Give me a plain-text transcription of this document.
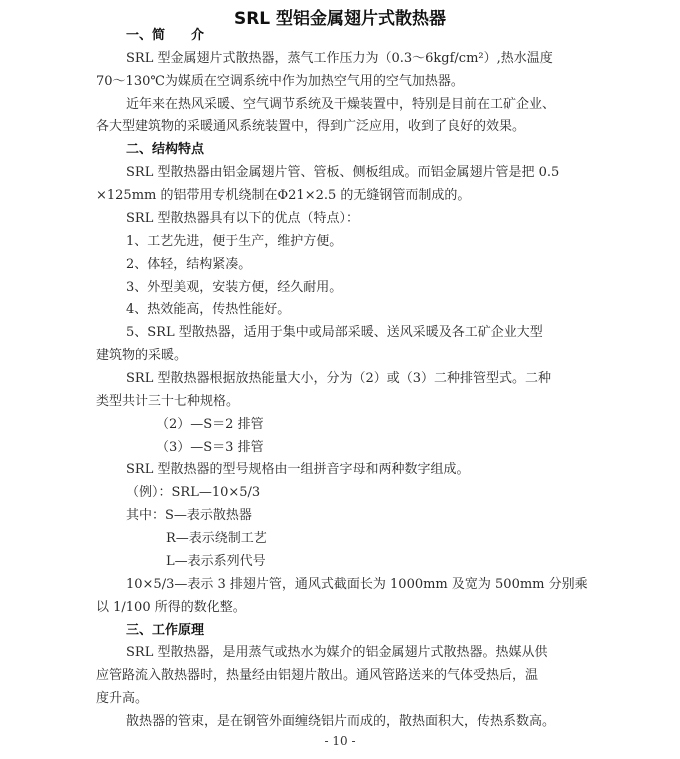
SRL 型铝金属翅片式散热器
一、简　　介
SRL 型金属翅片式散热器，蒸气工作压力为（0.3～6kgf/cm²）,热水温度
70～130℃为媒质在空调系统中作为加热空气用的空气加热器。
近年来在热风采暖、空气调节系统及干燥装置中，特别是目前在工矿企业、
各大型建筑物的采暖通风系统装置中，得到广泛应用，收到了良好的效果。
二、结构特点
SRL 型散热器由铝金属翅片管、管板、侧板组成。而铝金属翅片管是把 0.5
×125mm 的铝带用专机绕制在Φ21×2.5 的无缝钢管而制成的。
SRL 型散热器具有以下的优点（特点）：
1、工艺先进，便于生产，维护方便。
2、体轻，结构紧凑。
3、外型美观，安装方便，经久耐用。
4、热效能高，传热性能好。
5、SRL 型散热器，适用于集中或局部采暖、送风采暖及各工矿企业大型
建筑物的采暖。
SRL 型散热器根据放热能量大小，分为（2）或（3）二种排管型式。二种
类型共计三十七种规格。
（2）—S＝2 排管
（3）—S＝3 排管
SRL 型散热器的型号规格由一组拼音字母和两种数字组成。
（例）：SRL—10×5/3
其中：S—表示散热器
R—表示绕制工艺
L—表示系列代号
10×5/3—表示 3 排翅片管，通风式截面长为 1000mm 及宽为 500mm 分别乘
以 1/100 所得的数化整。
三、工作原理
SRL 型散热器，是用蒸气或热水为媒介的铝金属翅片式散热器。热媒从供
应管路流入散热器时，热量经由铝翅片散出。通风管路送来的气体受热后，温
度升高。
散热器的管束，是在钢管外面缠绕铝片而成的，散热面积大，传热系数高。
- 10 -
